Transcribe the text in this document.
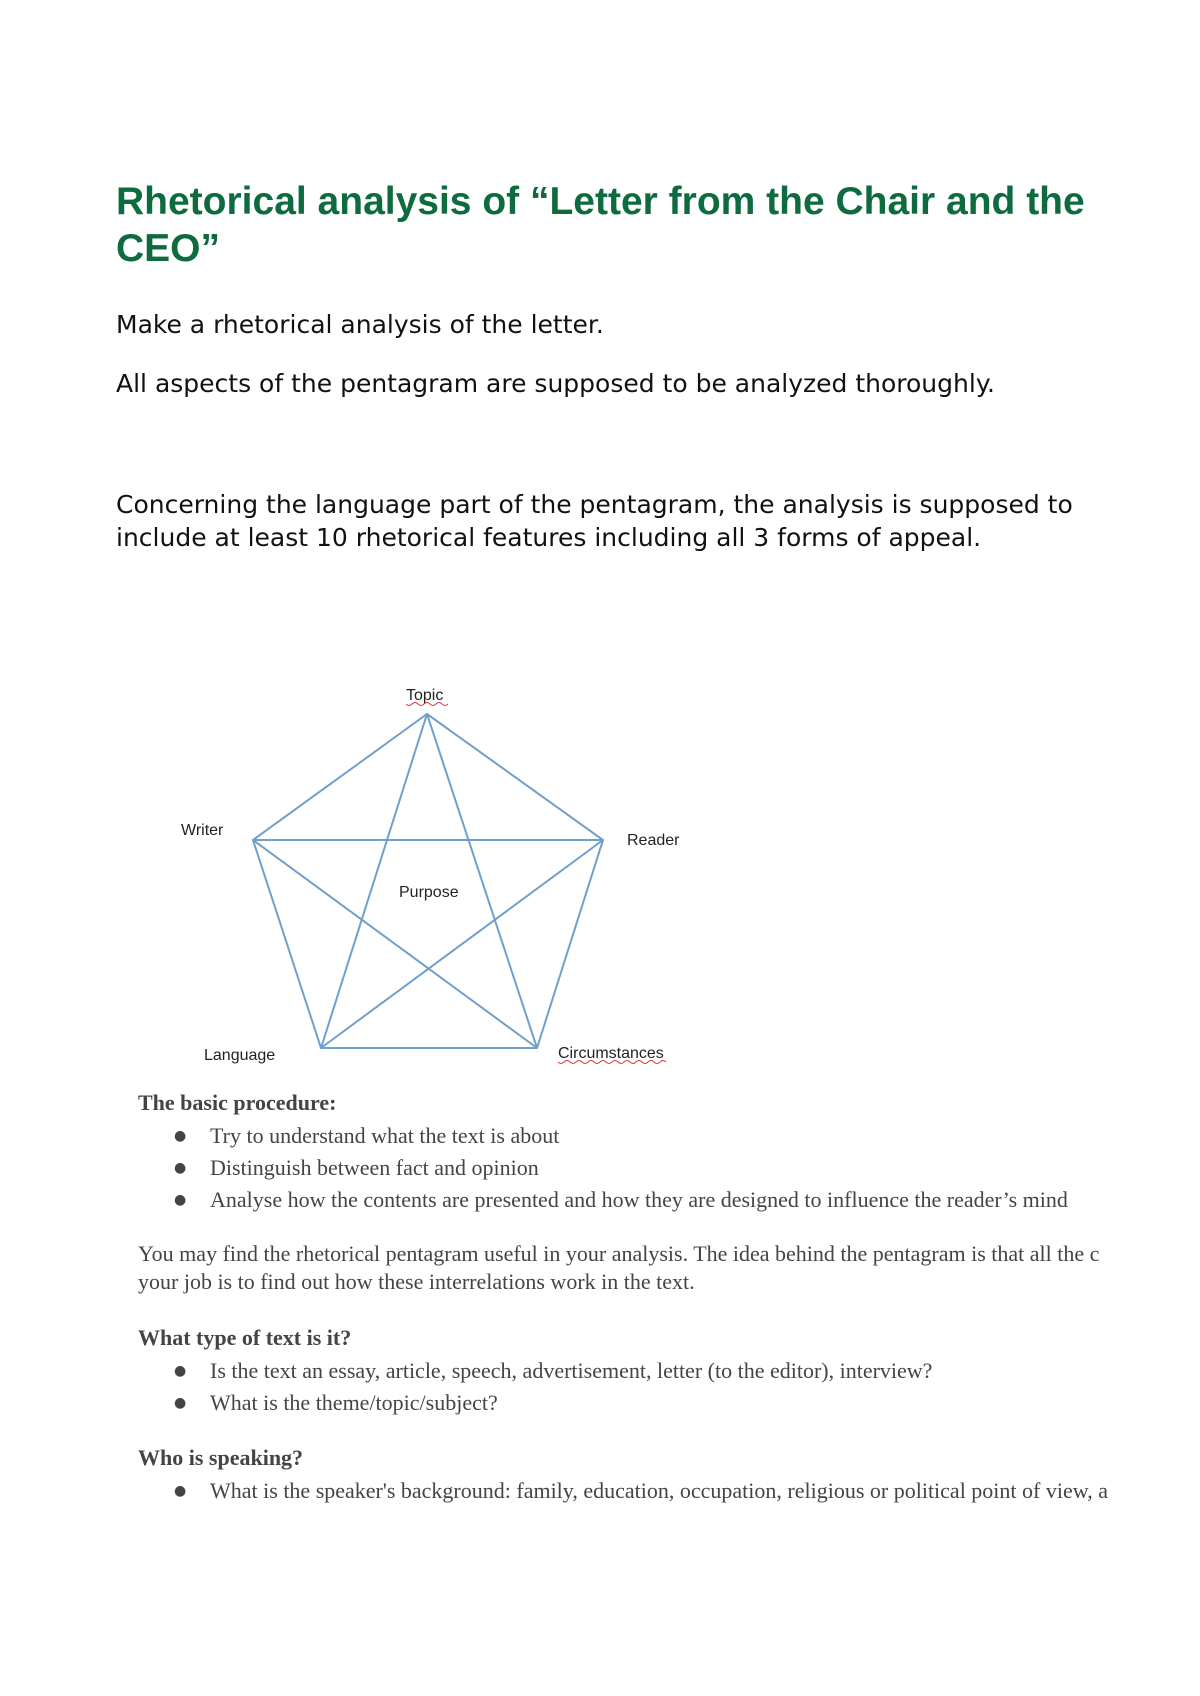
Rhetorical analysis of “Letter from the Chair and the CEO”

Make a rhetorical analysis of the letter.

All aspects of the pentagram are supposed to be analyzed thoroughly.

Concerning the language part of the pentagram, the analysis is supposed to include at least 10 rhetorical features including all 3 forms of appeal.

Topic
Writer
Reader
Purpose
Language	Circumstances
The basic procedure:
● Try to understand what the text is about
● Distinguish between fact and opinion
● Analyse how the contents are presented and how they are designed to influence the reader’s mind
You may find the rhetorical pentagram useful in your analysis. The idea behind the pentagram is that all the c
your job is to find out how these interrelations work in the text.
What type of text is it?
● Is the text an essay, article, speech, advertisement, letter (to the editor), interview?
● What is the theme/topic/subject?
Who is speaking?
● What is the speaker's background: family, education, occupation, religious or political point of view, a
